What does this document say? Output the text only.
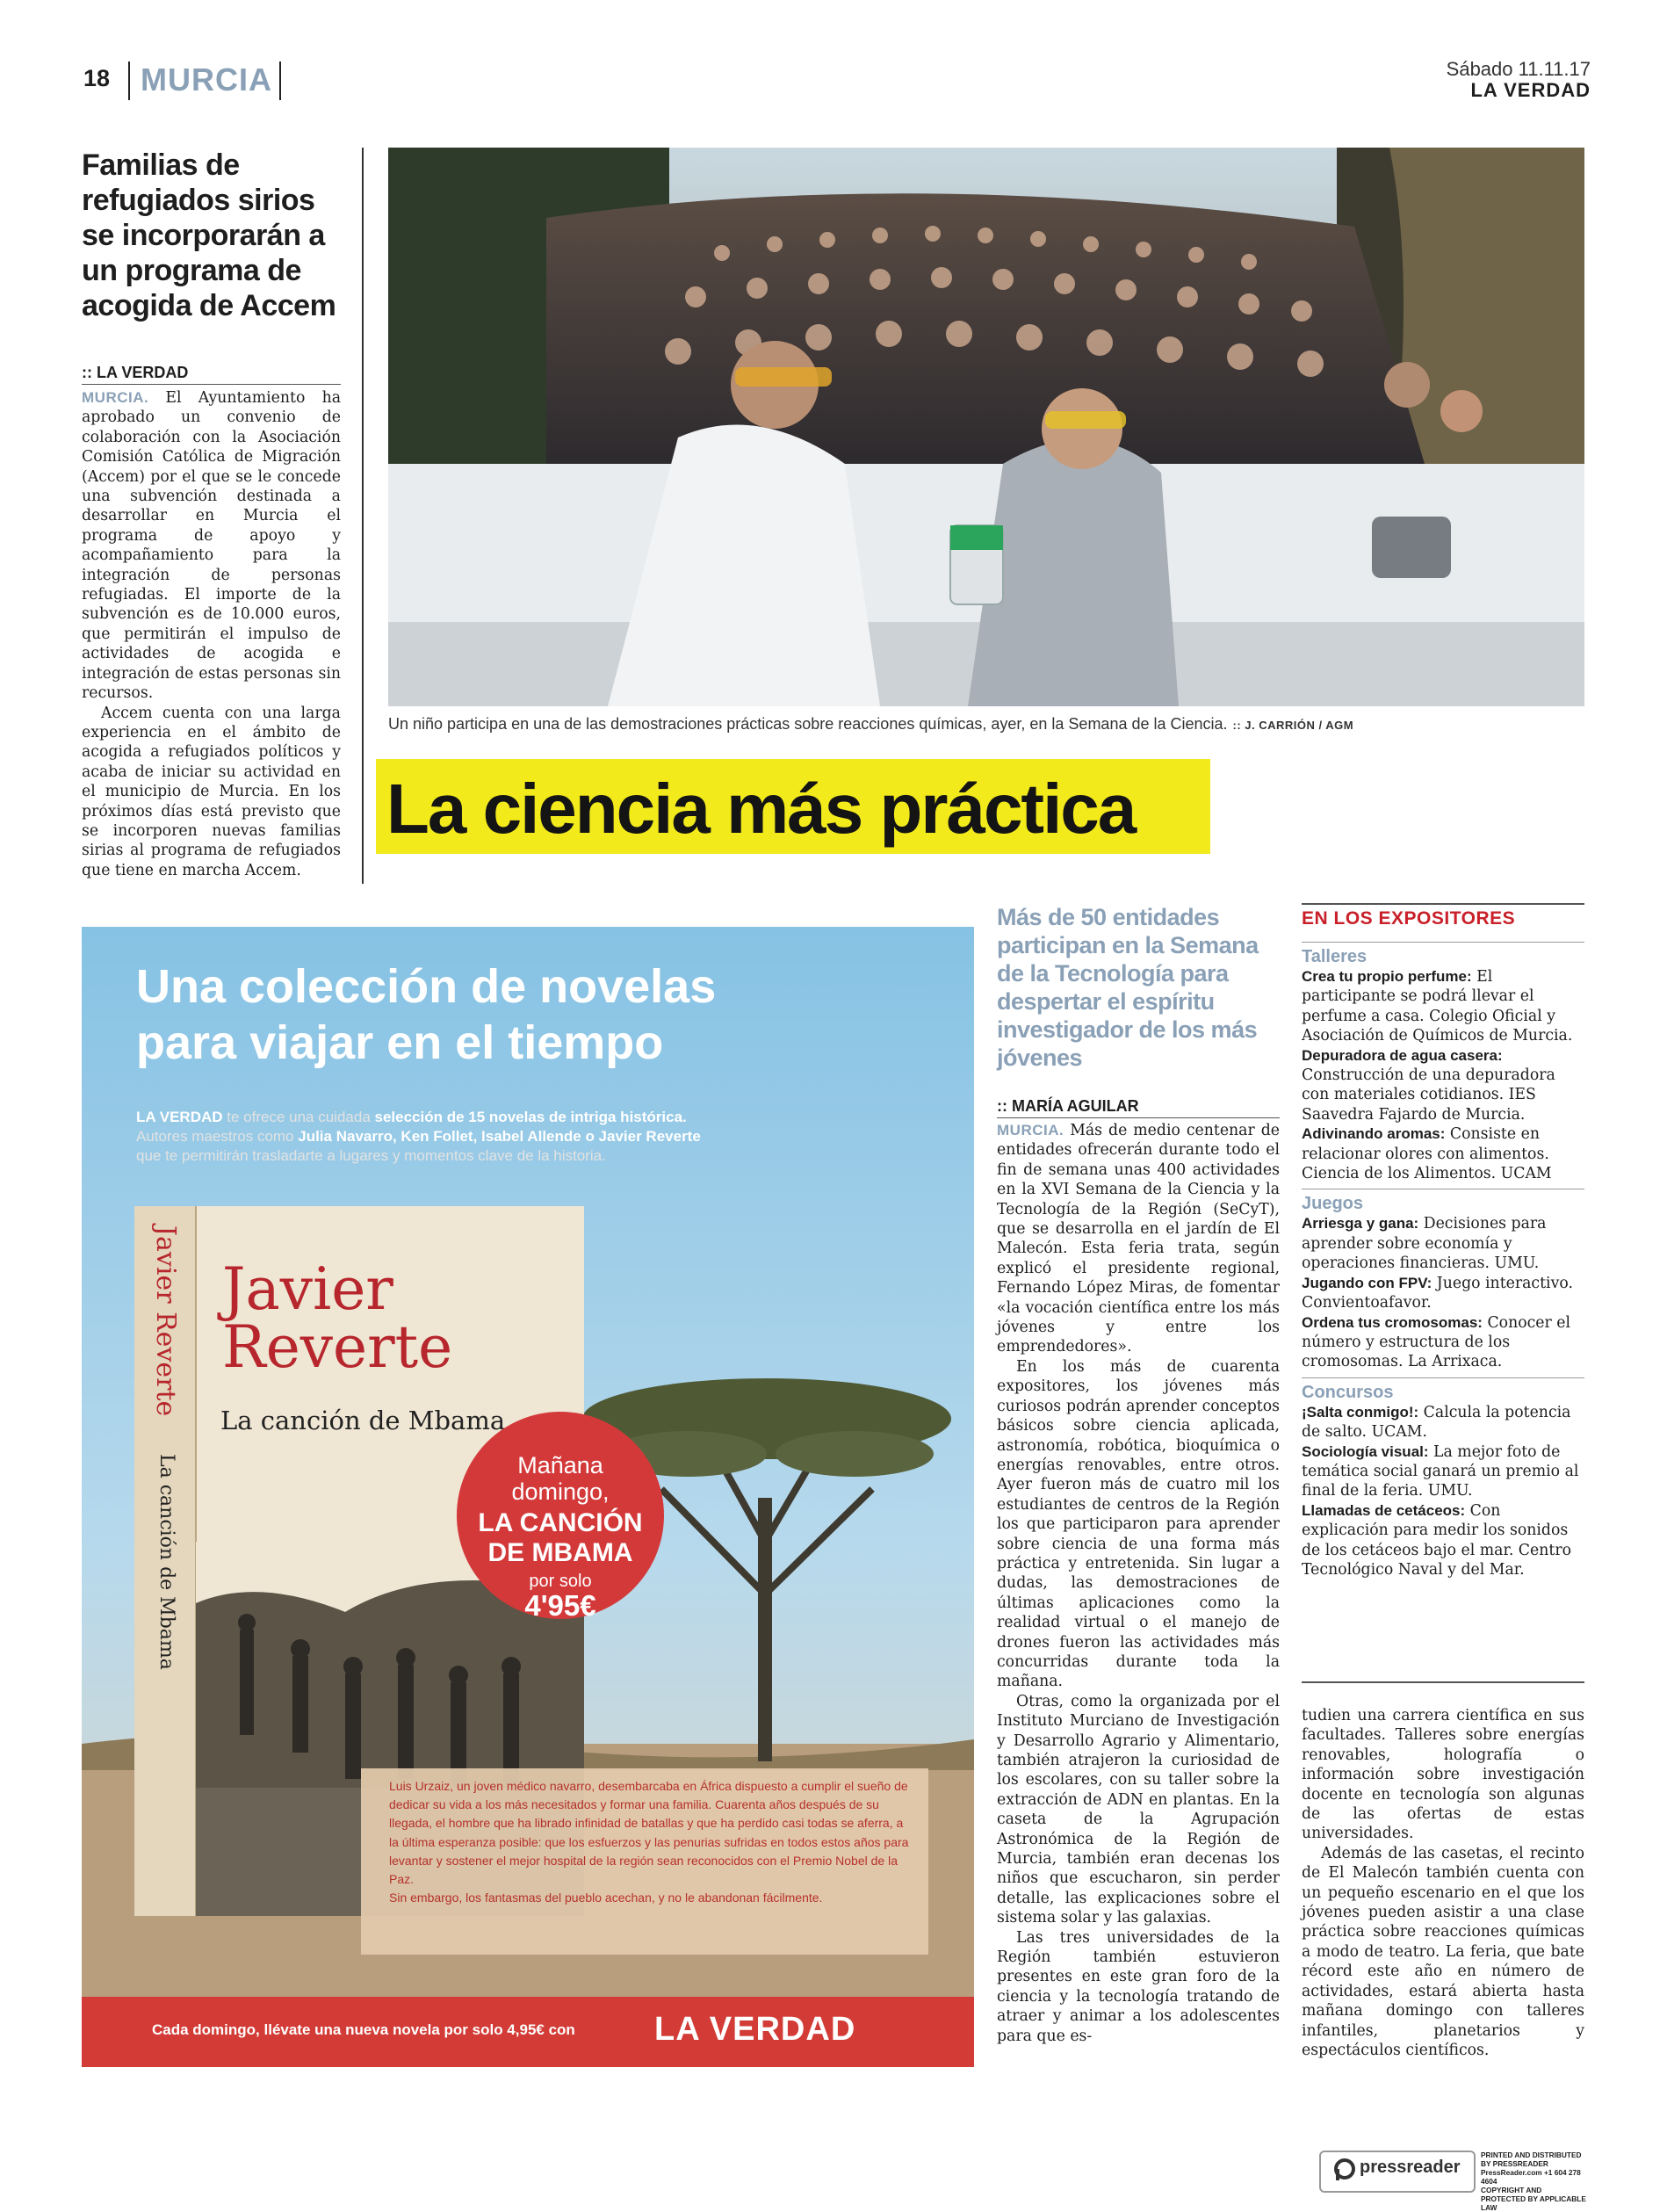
18 MURCIA	Sábado 11.11.17
LA VERDAD
Familias de refugiados sirios se incorporarán a un programa de acogida de Accem
:: LA VERDAD

MURCIA. El Ayuntamiento ha aprobado un convenio de colaboración con la Asociación Comisión Católica de Migración (Accem) por el que se le concede una subvención destinada a desarrollar en Murcia el programa de apoyo y acompañamiento para la integración de personas refugiadas. El importe de la subvención es de 10.000 euros, que permitirán el impulso de actividades de acogida e integración de estas personas sin recursos.

Accem cuenta con una larga experiencia en el ámbito de acogida a refugiados políticos y acaba de iniciar su actividad en el municipio de Murcia. En los próximos días está previsto que se incorporen nuevas familias sirias al programa de refugiados que tiene en marcha Accem.

Un niño participa en una de las demostraciones prácticas sobre reacciones químicas, ayer, en la Semana de la Ciencia. :: J. CARRIÓN / AGM
La ciencia más práctica
Una colección de novelas
para viajar en el tiempo
LA VERDAD te ofrece una cuidada selección de 15 novelas de intriga histórica.
Autores maestros como Julia Navarro, Ken Follet, Isabel Allende o Javier Reverte
que te permitirán trasladarte a lugares y momentos clave de la historia.
Javier
Reverte
La canción de Mbama
Javier Reverte
La canción de Mbama	Mañana
domingo,
LA CANCIÓN
DE MBAMA
por solo
4'95€

Luis Urzaiz, un joven médico navarro, desembarcaba en África dispuesto a cumplir el sueño de dedicar su vida a los más necesitados y formar una familia. Cuarenta años después de su llegada, el hombre que ha librado infinidad de batallas y que ha perdido casi todas se aferra, a la última esperanza posible: que los esfuerzos y las penurias sufridas en todos estos años para levantar y sostener el mejor hospital de la región sean reconocidos con el Premio Nobel de la Paz.

Sin embargo, los fantasmas del pueblo acechan, y no le abandonan fácilmente.

Cada domingo, llévate una nueva novela por solo 4,95€ con LA VERDAD
Más de 50 entidades participan en la Semana de la Tecnología para despertar el espíritu investigador de los más jóvenes
:: MARÍA AGUILAR

MURCIA. Más de medio centenar de entidades ofrecerán durante todo el fin de semana unas 400 actividades en la XVI Semana de la Ciencia y la Tecnología de la Región (SeCyT), que se desarrolla en el jardín de El Malecón. Esta feria trata, según explicó el presidente regional, Fernando López Miras, de fomentar «la vocación científica entre los más jóvenes y entre los emprendedores».

En los más de cuarenta expositores, los jóvenes más curiosos podrán aprender conceptos básicos sobre ciencia aplicada, astronomía, robótica, bioquímica o energías renovables, entre otros. Ayer fueron más de cuatro mil los estudiantes de centros de la Región los que participaron para aprender sobre ciencia de una forma más práctica y entretenida. Sin lugar a dudas, las demostraciones de últimas aplicaciones como la realidad virtual o el manejo de drones fueron las actividades más concurridas durante toda la mañana.

Otras, como la organizada por el Instituto Murciano de Investigación y Desarrollo Agrario y Alimentario, también atrajeron la curiosidad de los escolares, con su taller sobre la extracción de ADN en plantas. En la caseta de la Agrupación Astronómica de la Región de Murcia, también eran decenas los niños que escucharon, sin perder detalle, las explicaciones sobre el sistema solar y las galaxias.

Las tres universidades de la Región también estuvieron presentes en este gran foro de la ciencia y la tecnología tratando de atraer y animar a los adolescentes para que es-

tudien una carrera científica en sus facultades. Talleres sobre energías renovables, holografía o información sobre investigación docente en tecnología son algunas de las ofertas de estas universidades.

Además de las casetas, el recinto de El Malecón también cuenta con un pequeño escenario en el que los jóvenes pueden asistir a una clase práctica sobre reacciones químicas a modo de teatro. La feria, que bate récord este año en número de actividades, estará abierta hasta mañana domingo con talleres infantiles, planetarios y espectáculos científicos.

EN LOS EXPOSITORES

Talleres

Crea tu propio perfume: El participante se podrá llevar el perfume a casa. Colegio Oficial y Asociación de Químicos de Murcia.

Depuradora de agua casera: Construcción de una depuradora con materiales cotidianos. IES Saavedra Fajardo de Murcia.

Adivinando aromas: Consiste en relacionar olores con alimentos. Ciencia de los Alimentos. UCAM

Juegos

Arriesga y gana: Decisiones para aprender sobre economía y operaciones financieras. UMU.

Jugando con FPV: Juego interactivo. Convientoafavor.

Ordena tus cromosomas: Conocer el número y estructura de los cromosomas. La Arrixaca.

Concursos

¡Salta conmigo!: Calcula la potencia de salto. UCAM.

Sociología visual: La mejor foto de temática social ganará un premio al final de la feria. UMU.

Llamadas de cetáceos: Con explicación para medir los sonidos de los cetáceos bajo el mar. Centro Tecnológico Naval y del Mar.

pressreader
PRINTED AND DISTRIBUTED BY PRESSREADER
PressReader.com +1 604 278 4604
COPYRIGHT AND PROTECTED BY APPLICABLE LAW
